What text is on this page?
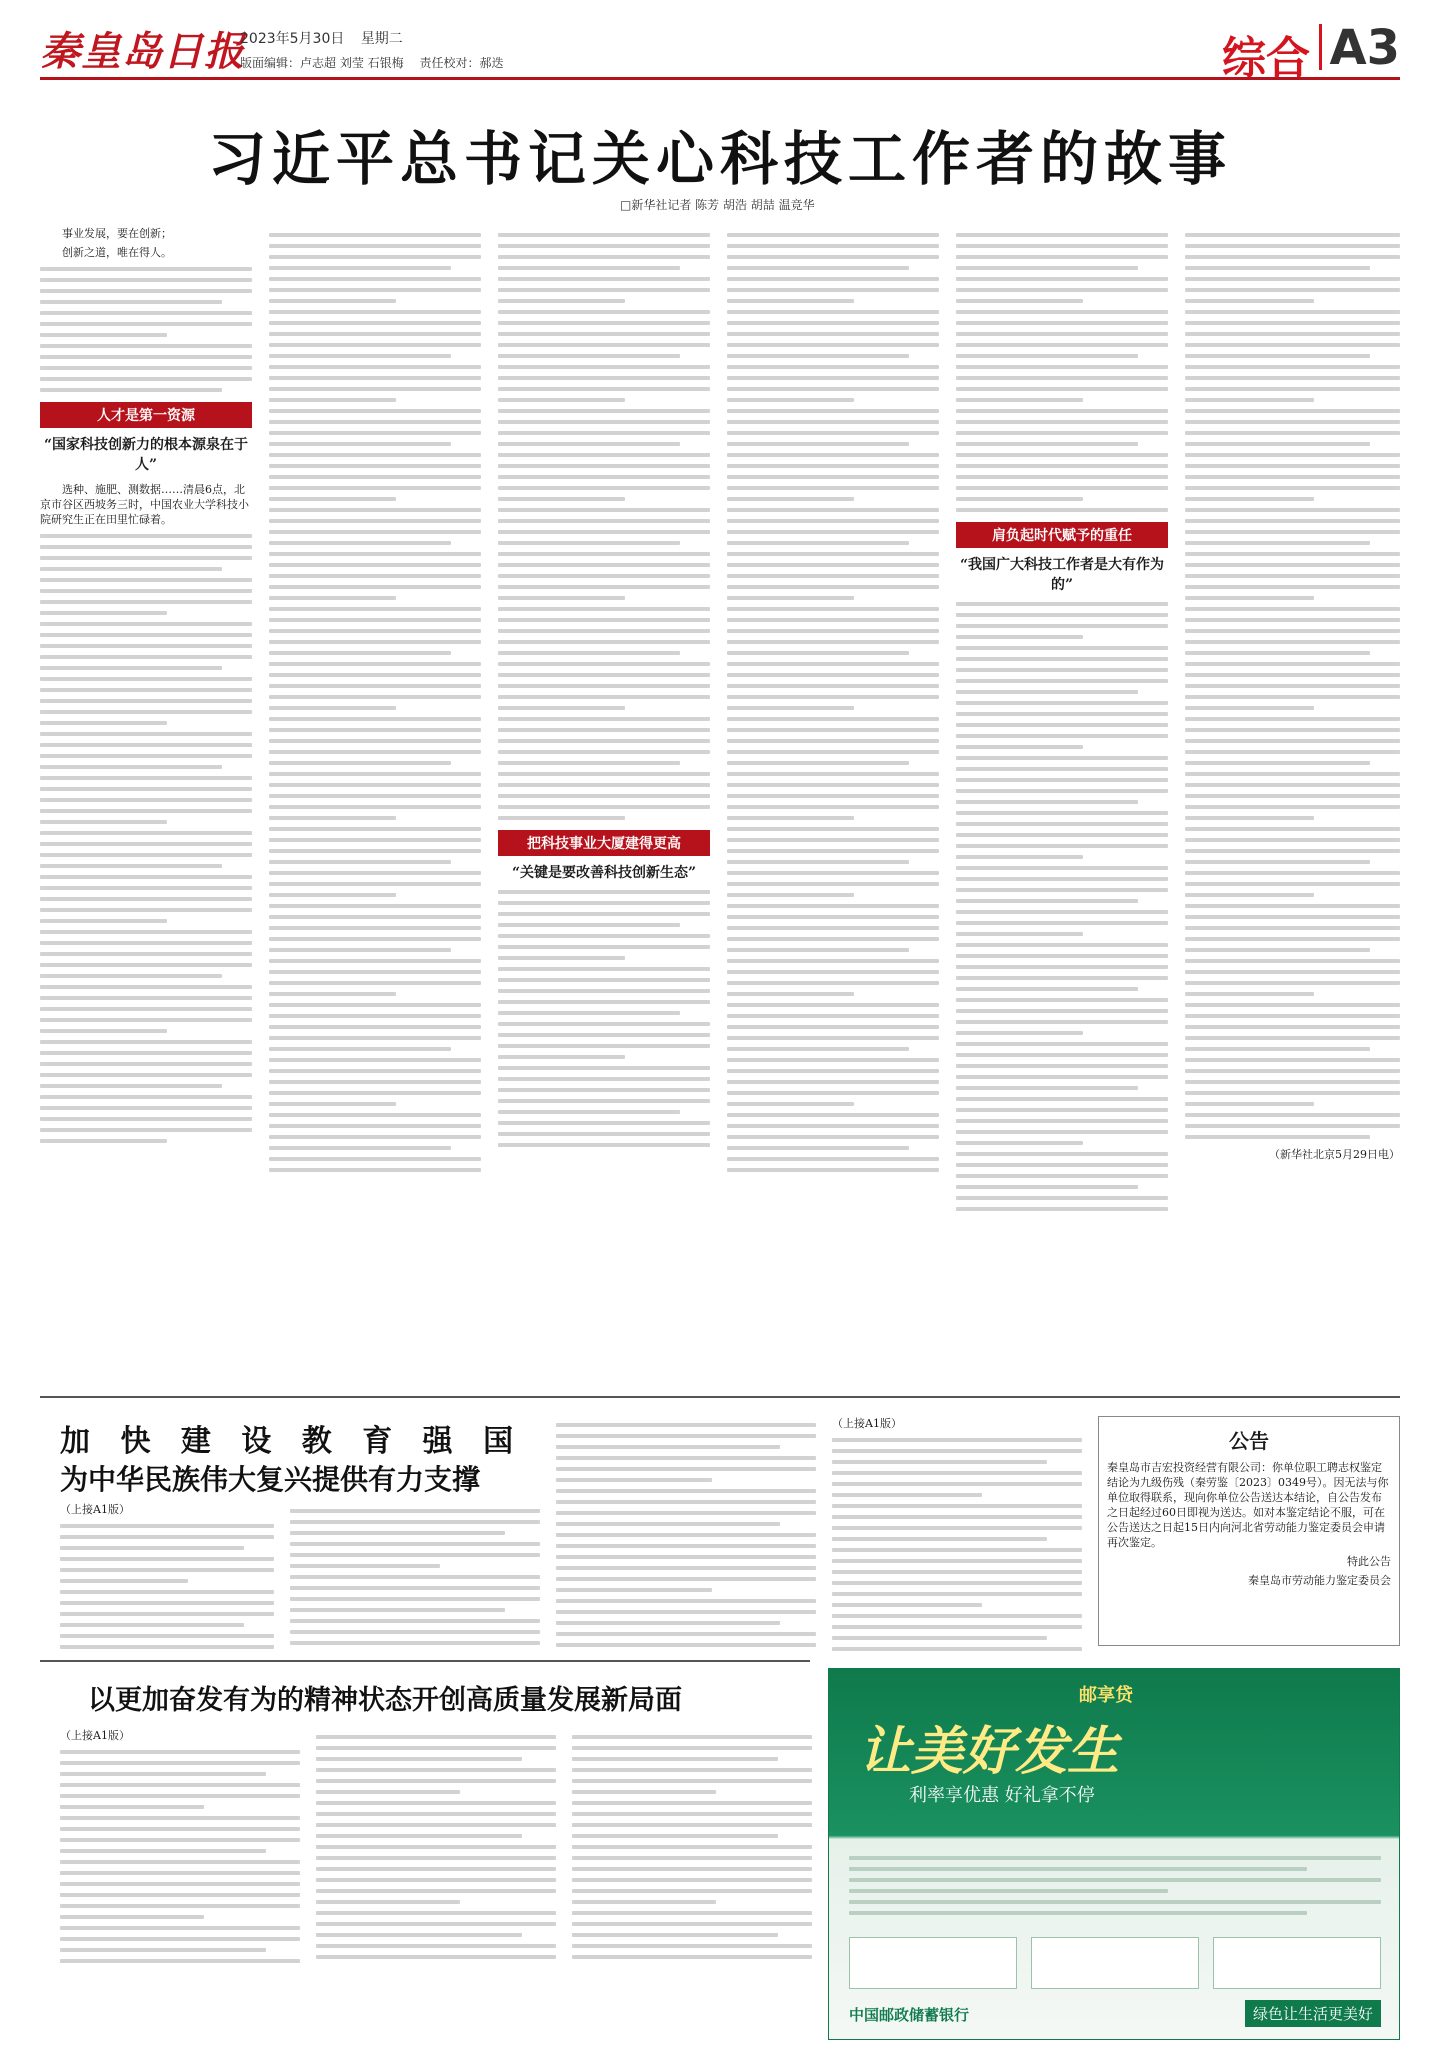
秦皇岛日报
2023年5月30日 星期二
版面编辑：卢志超 刘莹 石银梅 责任校对：郝迭	综合 A3
习近平总书记关心科技工作者的故事
□新华社记者 陈芳 胡浩 胡喆 温竞华

事业发展，要在创新；

创新之道，唯在得人。

人才是第一资源
“国家科技创新力的根本源泉在于人”

选种、施肥、测数据……清晨6点，北京市谷区西坡务三时，中国农业大学科技小院研究生正在田里忙碌着。

把科技事业大厦建得更高
“关键是要改善科技创新生态”
肩负起时代赋予的重任
“我国广大科技工作者是大有作为的”
（新华社北京5月29日电）
加 快 建 设 教 育 强 国
为中华民族伟大复兴提供有力支撑

（上接A1版）

（上接A1版）

公告

秦皇岛市吉宏投资经营有限公司：你单位职工聘志权鉴定结论为九级伤残（秦劳鉴〔2023〕0349号）。因无法与你单位取得联系，现向你单位公告送达本结论，自公告发布之日起经过60日即视为送达。如对本鉴定结论不服，可在公告送达之日起15日内向河北省劳动能力鉴定委员会申请再次鉴定。

特此公告

秦皇岛市劳动能力鉴定委员会

以更加奋发有为的精神状态开创高质量发展新局面

（上接A1版）

邮享贷
让美好发生
利率享优惠 好礼拿不停
中国邮政储蓄银行	绿色让生活更美好
